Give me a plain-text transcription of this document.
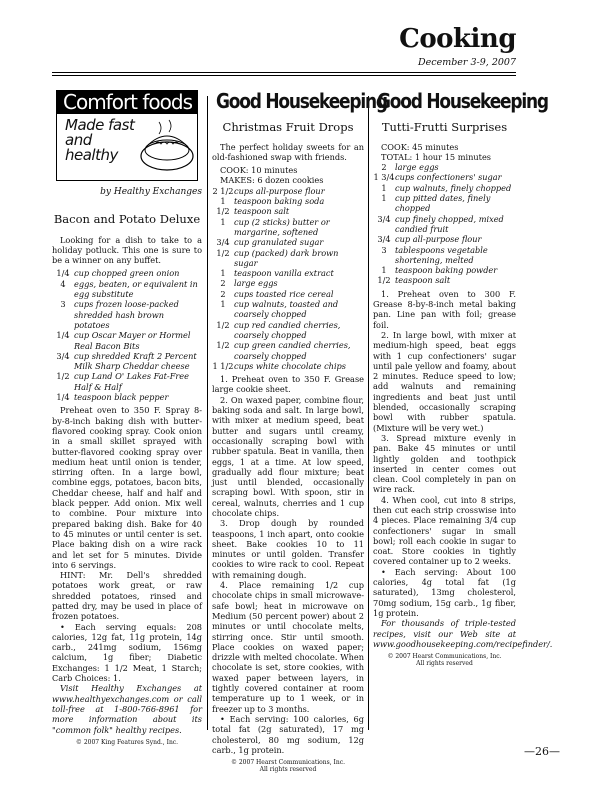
Cooking
December 3-9, 2007
Comfort foods
Made fast
and
healthy
by Healthy Exchanges
Bacon and Potato Deluxe

Looking for a dish to take to a holiday potluck. This one is sure to be a winner on any buffet.

1/4 cup chopped green onion
4	eggs, beaten, or equivalent in egg substitute
3	cups frozen loose-packed shredded hash brown potatoes
1/4 cup Oscar Mayer or Hormel Real Bacon Bits
3/4 cup shredded Kraft 2 Percent Milk Sharp Cheddar cheese
1/2 cup Land O' Lakes Fat-Free Half & Half
1/4 teaspoon black pepper

Preheat oven to 350 F. Spray 8-by-8-inch baking dish with butter-flavored cooking spray. Cook onion in a small skillet sprayed with butter-flavored cooking spray over medium heat until onion is tender, stirring often. In a large bowl, combine eggs, potatoes, bacon bits, Cheddar cheese, half and half and black pepper. Add onion. Mix well to combine. Pour mixture into prepared baking dish. Bake for 40 to 45 minutes or until center is set. Place baking dish on a wire rack and let set for 5 minutes. Divide into 6 servings.

HINT: Mr. Dell's shredded potatoes work great, or raw shredded potatoes, rinsed and patted dry, may be used in place of frozen potatoes.

• Each serving equals: 208 calories, 12g fat, 11g protein, 14g carb., 241mg sodium, 156mg calcium, 1g fiber; Diabetic Exchanges: 1 1/2 Meat, 1 Starch; Carb Choices: 1.

Visit Healthy Exchanges at www.healthyexchanges.com or call toll-free at 1-800-766-8961 for more information about its "common folk" healthy recipes.

© 2007 King Features Synd., Inc.
Good Housekeeping
Christmas Fruit Drops

The perfect holiday sweets for an old-fashioned swap with friends.

COOK: 10 minutes

MAKES: 6 dozen cookies

2 1/2 cups all-purpose flour
1	teaspoon baking soda
1/2 teaspoon salt
1	cup (2 sticks) butter or margarine, softened
3/4 cup granulated sugar
1/2 cup (packed) dark brown sugar
1	teaspoon vanilla extract
2	large eggs
2	cups toasted rice cereal
1	cup walnuts, toasted and coarsely chopped
1/2 cup red candied cherries, coarsely chopped
1/2 cup green candied cherries, coarsely chopped
1 1/2 cups white chocolate chips

1. Preheat oven to 350 F. Grease large cookie sheet.

2. On waxed paper, combine flour, baking soda and salt. In large bowl, with mixer at medium speed, beat butter and sugars until creamy, occasionally scraping bowl with rubber spatula. Beat in vanilla, then eggs, 1 at a time. At low speed, gradually add flour mixture; beat just until blended, occasionally scraping bowl. With spoon, stir in cereal, walnuts, cherries and 1 cup chocolate chips.

3. Drop dough by rounded teaspoons, 1 inch apart, onto cookie sheet. Bake cookies 10 to 11 minutes or until golden. Transfer cookies to wire rack to cool. Repeat with remaining dough.

4. Place remaining 1/2 cup chocolate chips in small microwave-safe bowl; heat in microwave on Medium (50 percent power) about 2 minutes or until chocolate melts, stirring once. Stir until smooth. Place cookies on waxed paper; drizzle with melted chocolate. When chocolate is set, store cookies, with waxed paper between layers, in tightly covered container at room temperature up to 1 week, or in freezer up to 3 months.

• Each serving: 100 calories, 6g total fat (2g saturated), 17 mg cholesterol, 80 mg sodium, 12g carb., 1g protein.

© 2007 Hearst Communications, Inc.
All rights reserved
Good Housekeeping
Tutti-Frutti Surprises

COOK: 45 minutes

TOTAL: 1 hour 15 minutes

2	large eggs
1 3/4 cups confectioners' sugar
1	cup walnuts, finely chopped
1	cup pitted dates, finely chopped
3/4 cup finely chopped, mixed candied fruit
3/4 cup all-purpose flour
3	tablespoons vegetable shortening, melted
1	teaspoon baking powder
1/2 teaspoon salt

1. Preheat oven to 300 F. Grease 8-by-8-inch metal baking pan. Line pan with foil; grease foil.

2. In large bowl, with mixer at medium-high speed, beat eggs with 1 cup confectioners' sugar until pale yellow and foamy, about 2 minutes. Reduce speed to low; add walnuts and remaining ingredients and beat just until blended, occasionally scraping bowl with rubber spatula. (Mixture will be very wet.)

3. Spread mixture evenly in pan. Bake 45 minutes or until lightly golden and toothpick inserted in center comes out clean. Cool completely in pan on wire rack.

4. When cool, cut into 8 strips, then cut each strip crosswise into 4 pieces. Place remaining 3/4 cup confectioners' sugar in small bowl; roll each cookie in sugar to coat. Store cookies in tightly covered container up to 2 weeks.

• Each serving: About 100 calories, 4g total fat (1g saturated), 13mg cholesterol, 70mg sodium, 15g carb., 1g fiber, 1g protein.

For thousands of triple-tested recipes, visit our Web site at www.goodhousekeeping.com/recipefinder/.

© 2007 Hearst Communications, Inc.
All rights reserved
—26—
